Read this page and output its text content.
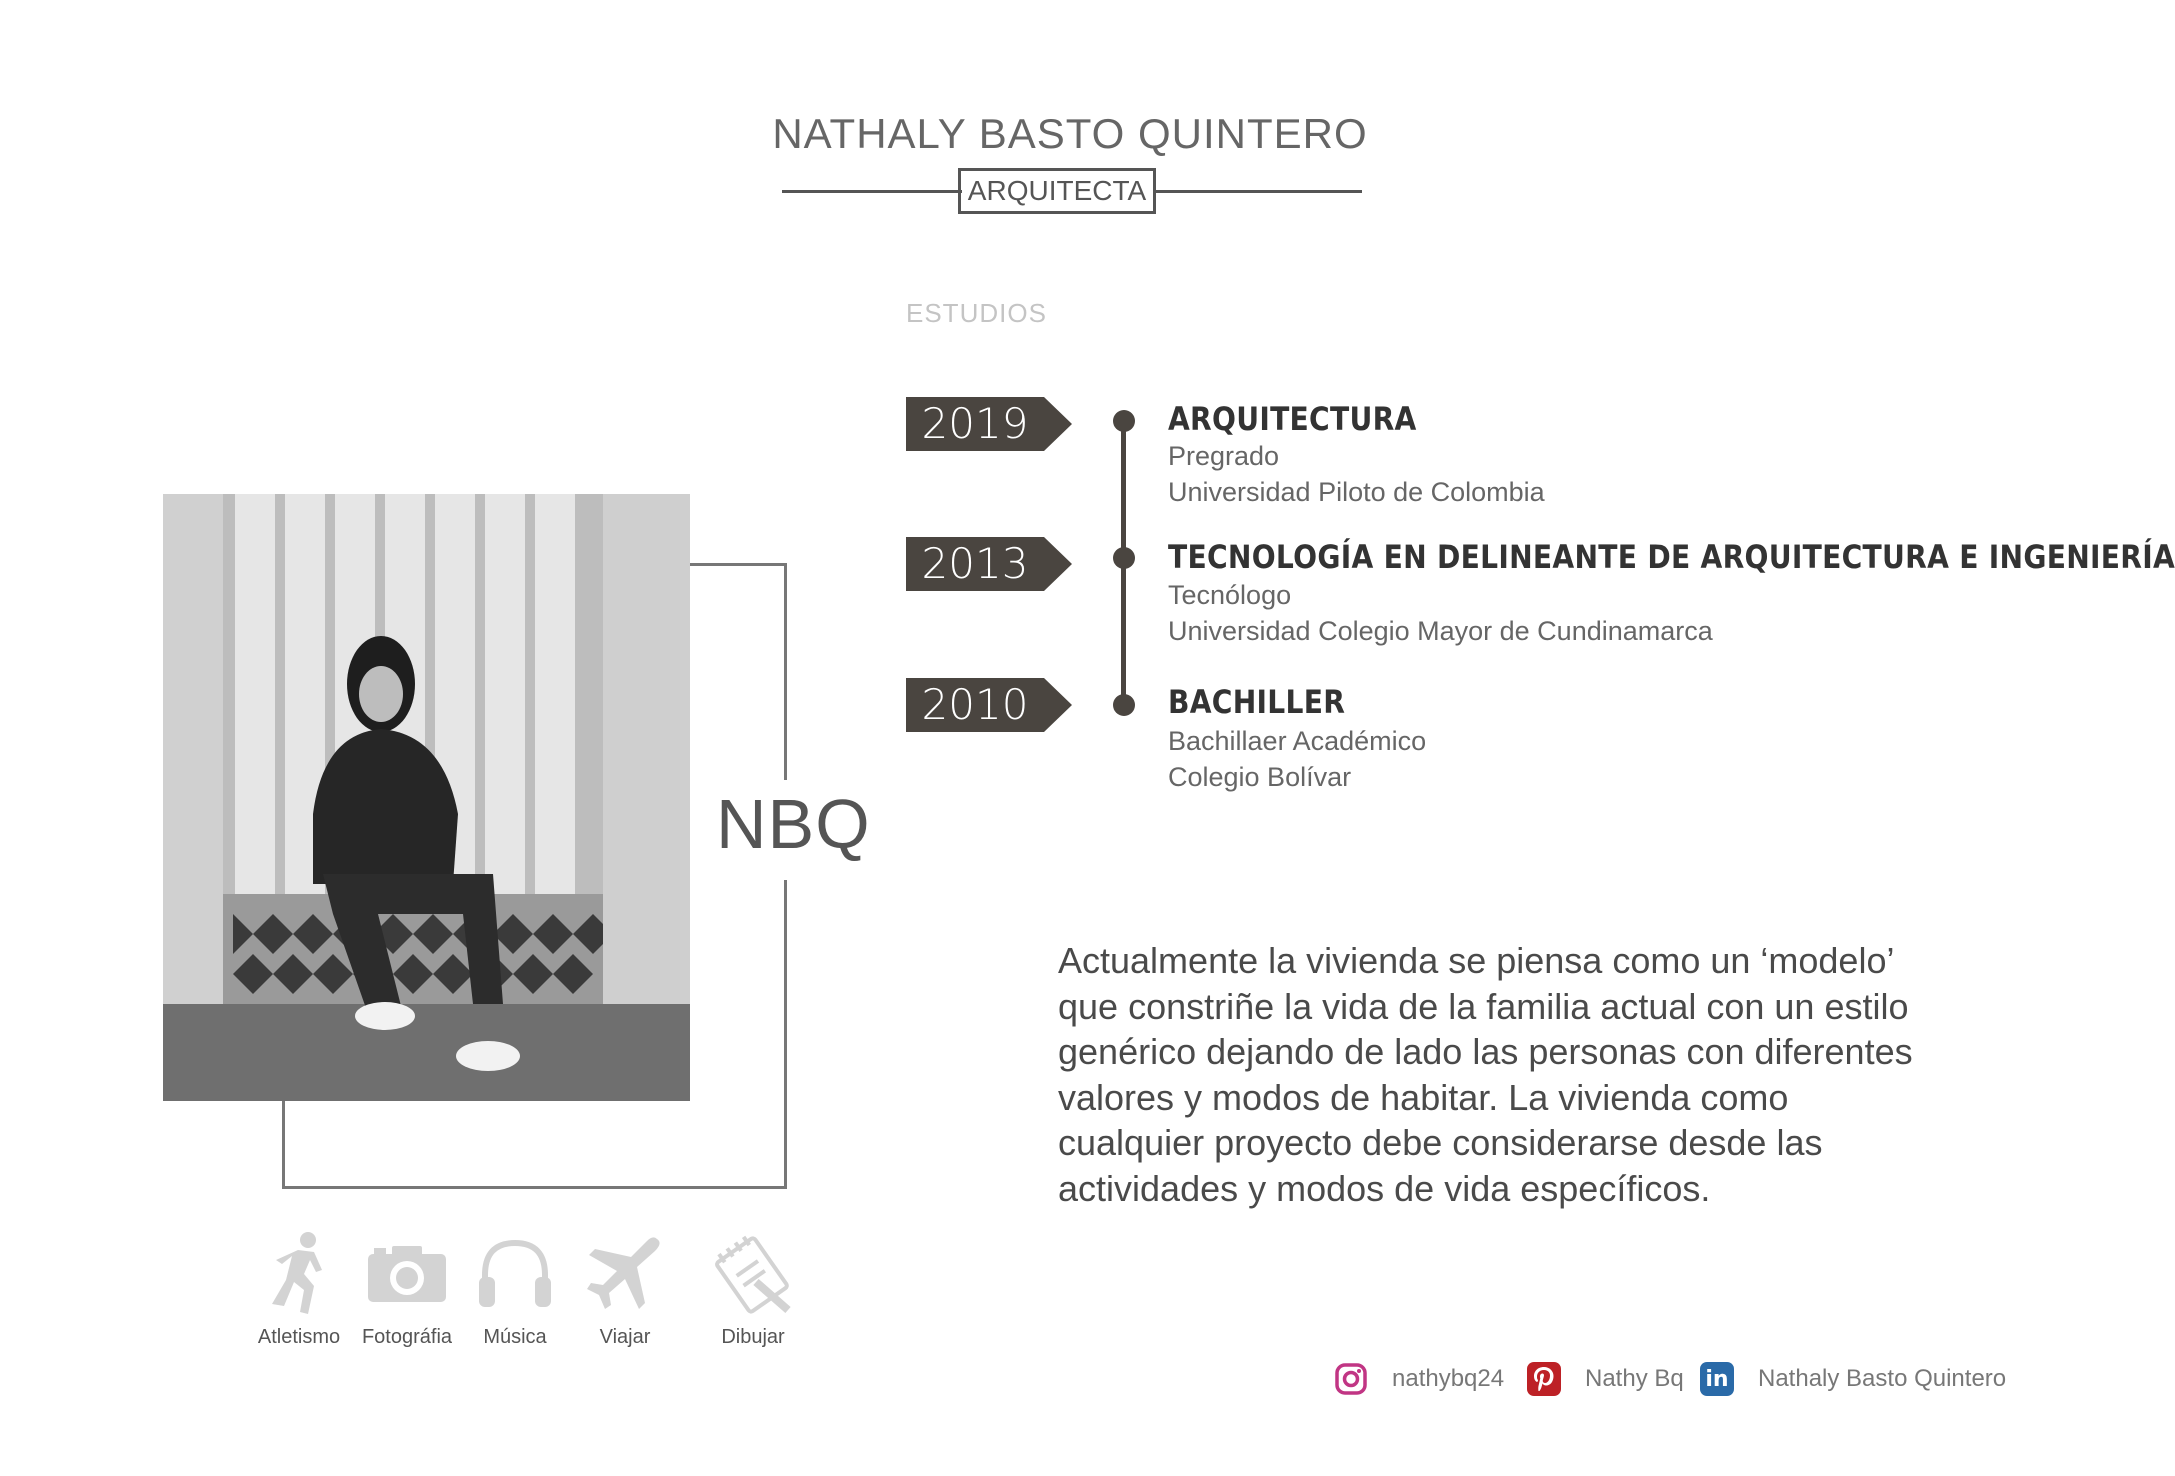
NATHALY BASTO QUINTERO
ARQUITECTA
ESTUDIOS
2019	ARQUITECTURA
Pregrado
Universidad Piloto de Colombia
2013	TECNOLOGÍA EN DELINEANTE DE ARQUITECTURA E INGENIERÍA
Tecnólogo
Universidad Colegio Mayor de Cundinamarca
2010	BACHILLER
Bachillaer Académico
Colegio Bolívar
NBQ
Actualmente la vivienda se piensa como un ‘modelo’ que constriñe la vida de la familia actual con un estilo genérico dejando de lado las personas con diferentes valores y modos de habitar. La vivienda como cualquier proyecto debe considerarse desde las actividades y modos de vida específicos.
Atletismo	Fotográfia	Música	Viajar	Dibujar
nathybq24	Nathy Bq in Nathaly Basto Quintero
